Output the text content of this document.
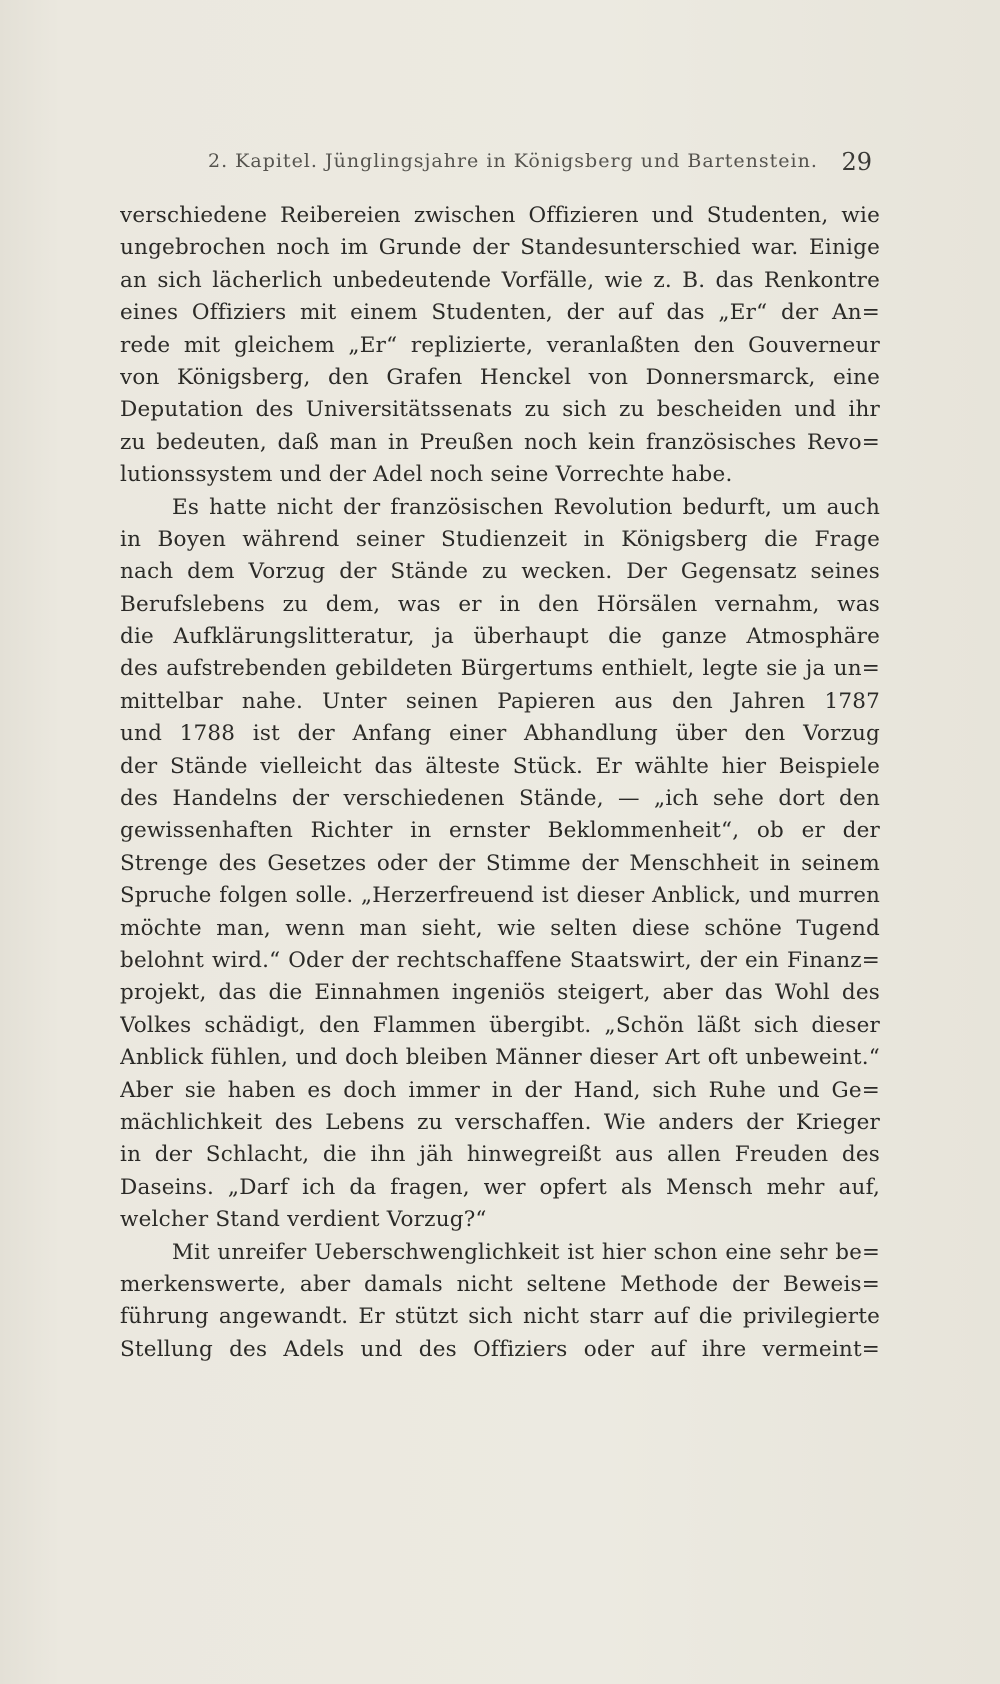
2. Kapitel. Jünglingsjahre in Königsberg und Bartenstein. 29
verschiedene Reibereien zwischen Offizieren und Studenten, wie
ungebrochen noch im Grunde der Standesunterschied war. Einige
an sich lächerlich unbedeutende Vorfälle, wie z. B. das Renkontre
eines Offiziers mit einem Studenten, der auf das „Er“ der An=
rede mit gleichem „Er“ replizierte, veranlaßten den Gouverneur
von Königsberg, den Grafen Henckel von Donnersmarck, eine
Deputation des Universitätssenats zu sich zu bescheiden und ihr
zu bedeuten, daß man in Preußen noch kein französisches Revo=
lutionssystem und der Adel noch seine Vorrechte habe.
Es hatte nicht der französischen Revolution bedurft, um auch
in Boyen während seiner Studienzeit in Königsberg die Frage
nach dem Vorzug der Stände zu wecken. Der Gegensatz seines
Berufslebens zu dem, was er in den Hörsälen vernahm, was
die Aufklärungslitteratur, ja überhaupt die ganze Atmosphäre
des aufstrebenden gebildeten Bürgertums enthielt, legte sie ja un=
mittelbar nahe. Unter seinen Papieren aus den Jahren 1787
und 1788 ist der Anfang einer Abhandlung über den Vorzug
der Stände vielleicht das älteste Stück. Er wählte hier Beispiele
des Handelns der verschiedenen Stände, — „ich sehe dort den
gewissenhaften Richter in ernster Beklommenheit“, ob er der
Strenge des Gesetzes oder der Stimme der Menschheit in seinem
Spruche folgen solle. „Herzerfreuend ist dieser Anblick, und murren
möchte man, wenn man sieht, wie selten diese schöne Tugend
belohnt wird.“ Oder der rechtschaffene Staatswirt, der ein Finanz=
projekt, das die Einnahmen ingeniös steigert, aber das Wohl des
Volkes schädigt, den Flammen übergibt. „Schön läßt sich dieser
Anblick fühlen, und doch bleiben Männer dieser Art oft unbeweint.“
Aber sie haben es doch immer in der Hand, sich Ruhe und Ge=
mächlichkeit des Lebens zu verschaffen. Wie anders der Krieger
in der Schlacht, die ihn jäh hinwegreißt aus allen Freuden des
Daseins. „Darf ich da fragen, wer opfert als Mensch mehr auf,
welcher Stand verdient Vorzug?“
Mit unreifer Ueberschwenglichkeit ist hier schon eine sehr be=
merkenswerte, aber damals nicht seltene Methode der Beweis=
führung angewandt. Er stützt sich nicht starr auf die privilegierte
Stellung des Adels und des Offiziers oder auf ihre vermeint=
